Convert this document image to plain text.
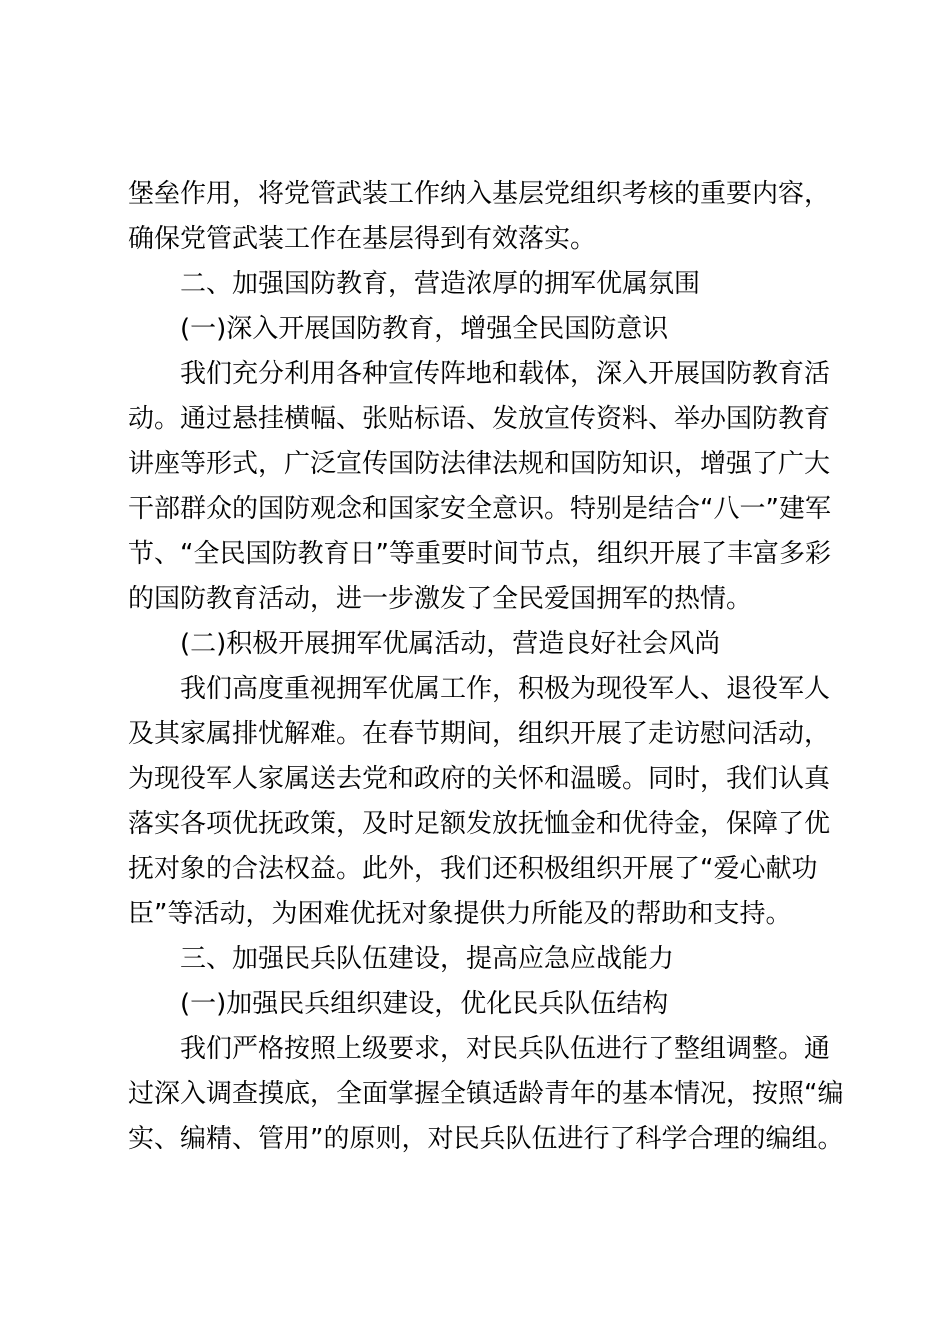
堡垒作用，将党管武装工作纳入基层党组织考核的重要内容，
确保党管武装工作在基层得到有效落实。
二、加强国防教育，营造浓厚的拥军优属氛围
(一)深入开展国防教育，增强全民国防意识
我们充分利用各种宣传阵地和载体，深入开展国防教育活
动。通过悬挂横幅、张贴标语、发放宣传资料、举办国防教育
讲座等形式，广泛宣传国防法律法规和国防知识，增强了广大
干部群众的国防观念和国家安全意识。特别是结合“八一”建军
节、“全民国防教育日”等重要时间节点，组织开展了丰富多彩
的国防教育活动，进一步激发了全民爱国拥军的热情。
(二)积极开展拥军优属活动，营造良好社会风尚
我们高度重视拥军优属工作，积极为现役军人、退役军人
及其家属排忧解难。在春节期间，组织开展了走访慰问活动，
为现役军人家属送去党和政府的关怀和温暖。同时，我们认真
落实各项优抚政策，及时足额发放抚恤金和优待金，保障了优
抚对象的合法权益。此外，我们还积极组织开展了“爱心献功
臣”等活动，为困难优抚对象提供力所能及的帮助和支持。
三、加强民兵队伍建设，提高应急应战能力
(一)加强民兵组织建设，优化民兵队伍结构
我们严格按照上级要求，对民兵队伍进行了整组调整。通
过深入调查摸底，全面掌握全镇适龄青年的基本情况，按照“编
实、编精、管用”的原则，对民兵队伍进行了科学合理的编组。
